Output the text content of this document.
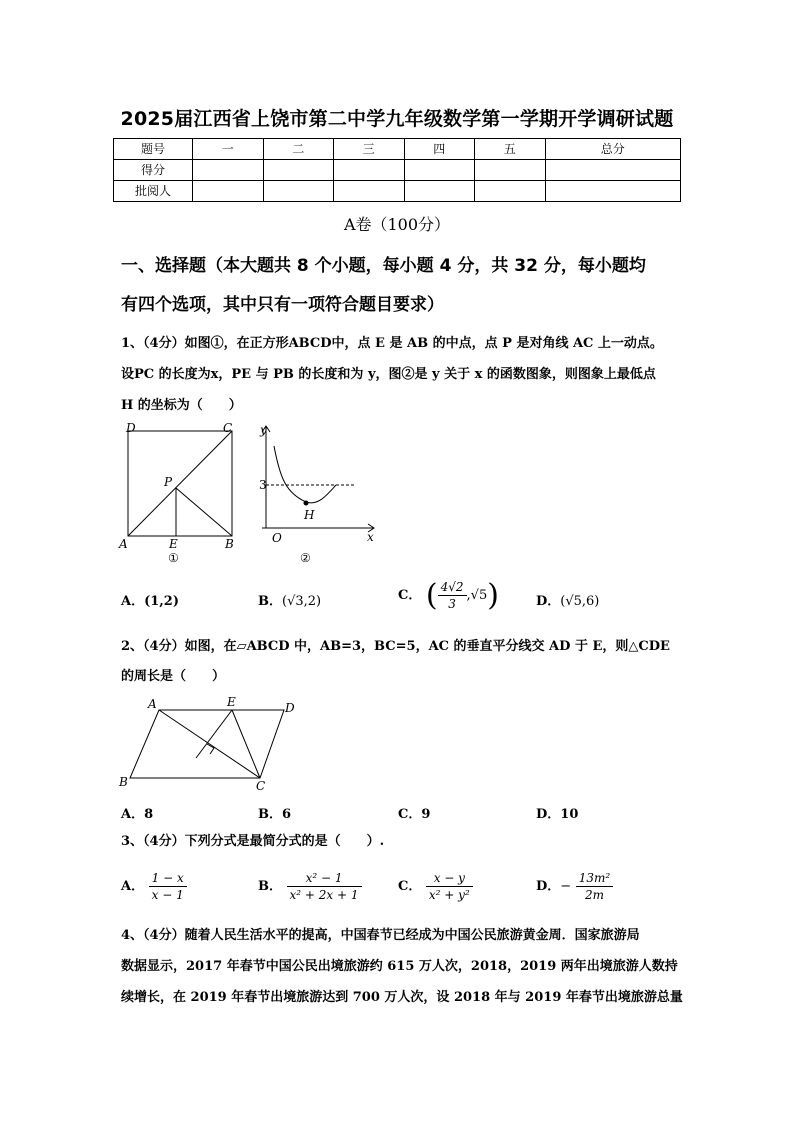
2025届江西省上饶市第二中学九年级数学第一学期开学调研试题
题号	一	二	三	四	五	总分
得分						
批阅人						
A卷（100分）
一、选择题（本大题共 8 个小题，每小题 4 分，共 32 分，每小题均
有四个选项，其中只有一项符合题目要求）
1、（4分）如图①，在正方形ABCD中，点 E 是 AB 的中点，点 P 是对角线 AC 上一动点。
设PC 的长度为x，PE 与 PB 的长度和为 y，图②是 y 关于 x 的函数图象，则图象上最低点
H 的坐标为（　　）
D	C
A	B
E
P
①
y
x
O
H
3
②
A．(1,2)	B．(√3,2)	C． ( $\frac{4√2}{3} ,√5$)	D．(√5,6)
2、（4分）如图，在▱ABCD 中，AB=3，BC=5，AC 的垂直平分线交 AD 于 E，则△CDE
的周长是（　　）
A	E	D
B	C
A．8	B．6	C．9	D．10
3、（4分）下列分式是最简分式的是（　　）.
A． $\frac{1 - x}{x - 1}$	B． $\frac{\text{x² − 1}}{\text{x² + 2x + 1}}$	C． $\frac{x - y}{\text{x² + y²}}$	D．− $\frac{\text{13m²}}{2m}$
4、（4分）随着人民生活水平的提高，中国春节已经成为中国公民旅游黄金周．国家旅游局
数据显示，2017 年春节中国公民出境旅游约 615 万人次，2018，2019 两年出境旅游人数持
续增长，在 2019 年春节出境旅游达到 700 万人次，设 2018 年与 2019 年春节出境旅游总量
